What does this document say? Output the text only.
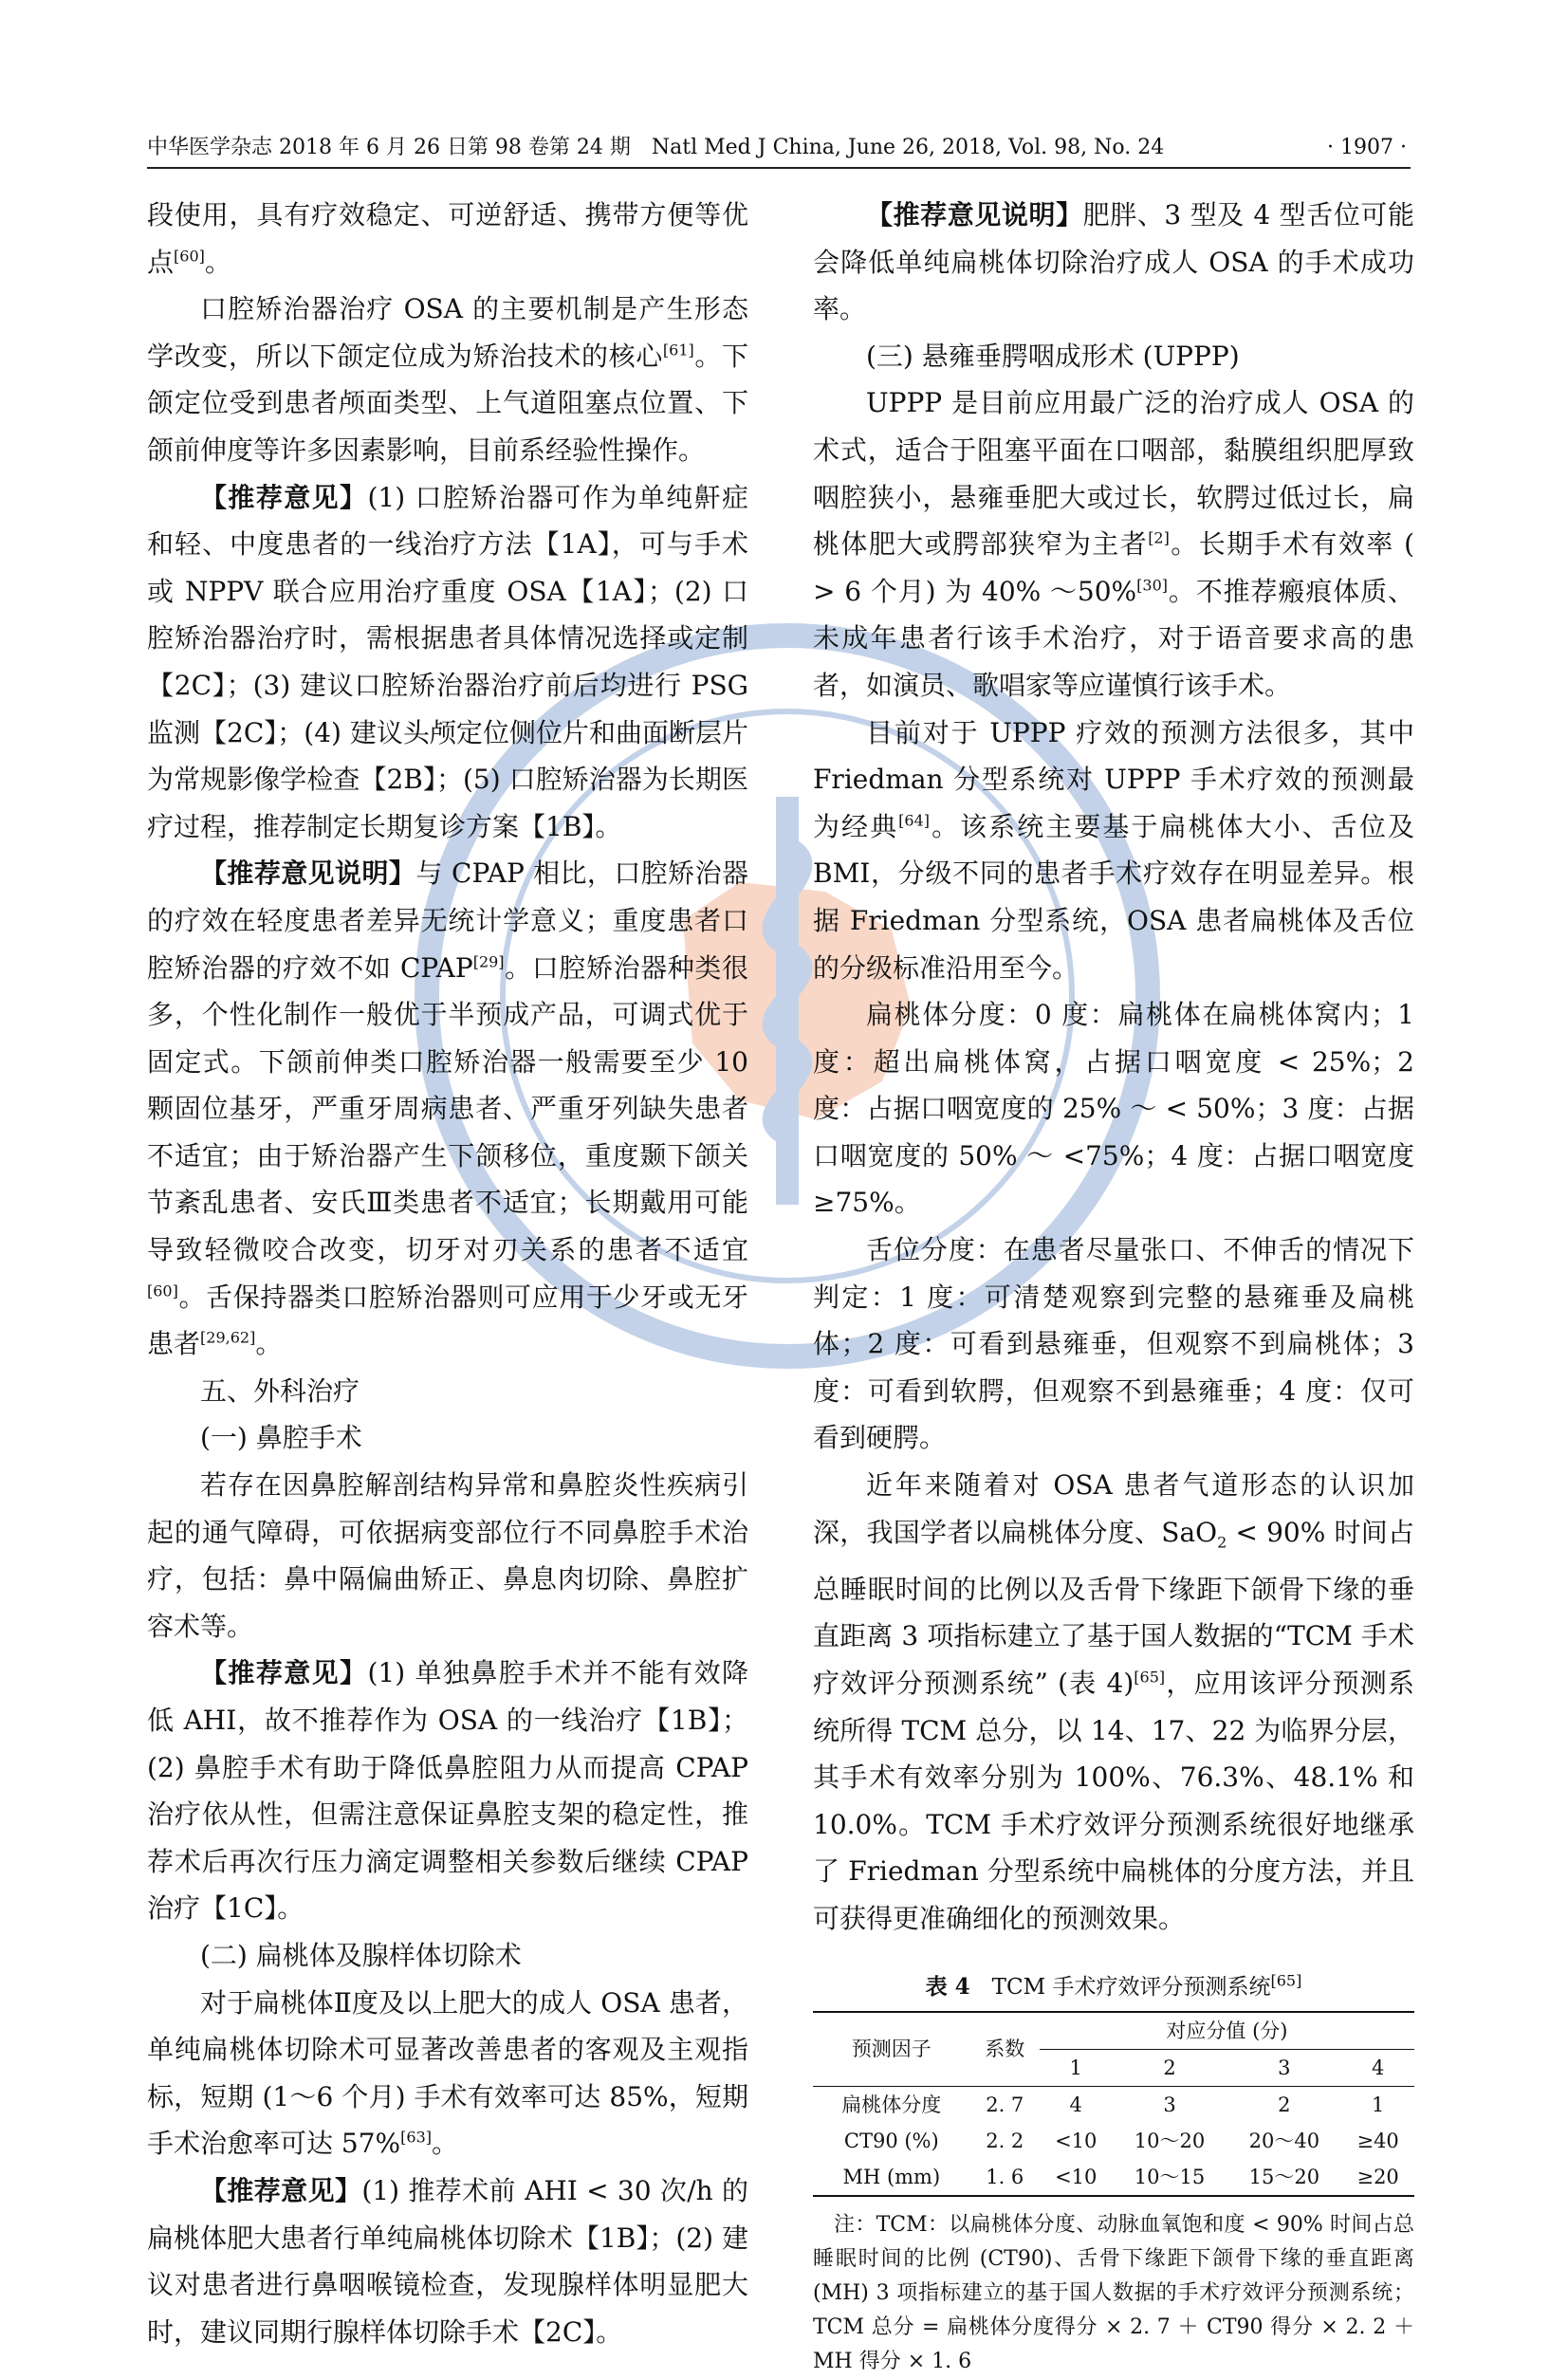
中华医学杂志 2018 年 6 月 26 日第 98 卷第 24 期　Natl Med J China, June 26, 2018, Vol. 98, No. 24	· 1907 ·

段使用，具有疗效稳定、可逆舒适、携带方便等优点[60]。

口腔矫治器治疗 OSA 的主要机制是产生形态学改变，所以下颌定位成为矫治技术的核心[61]。下颌定位受到患者颅面类型、上气道阻塞点位置、下颌前伸度等许多因素影响，目前系经验性操作。

【推荐意见】(1) 口腔矫治器可作为单纯鼾症和轻、中度患者的一线治疗方法【1A】，可与手术或 NPPV 联合应用治疗重度 OSA【1A】；(2) 口腔矫治器治疗时，需根据患者具体情况选择或定制【2C】；(3) 建议口腔矫治器治疗前后均进行 PSG 监测【2C】；(4) 建议头颅定位侧位片和曲面断层片为常规影像学检查【2B】；(5) 口腔矫治器为长期医疗过程，推荐制定长期复诊方案【1B】。

【推荐意见说明】与 CPAP 相比，口腔矫治器的疗效在轻度患者差异无统计学意义；重度患者口腔矫治器的疗效不如 CPAP[29]。口腔矫治器种类很多，个性化制作一般优于半预成产品，可调式优于固定式。下颌前伸类口腔矫治器一般需要至少 10 颗固位基牙，严重牙周病患者、严重牙列缺失患者不适宜；由于矫治器产生下颌移位，重度颞下颌关节紊乱患者、安氏Ⅲ类患者不适宜；长期戴用可能导致轻微咬合改变，切牙对刃关系的患者不适宜[60]。舌保持器类口腔矫治器则可应用于少牙或无牙患者[29,62]。

五、外科治疗

(一) 鼻腔手术

若存在因鼻腔解剖结构异常和鼻腔炎性疾病引起的通气障碍，可依据病变部位行不同鼻腔手术治疗，包括：鼻中隔偏曲矫正、鼻息肉切除、鼻腔扩容术等。

【推荐意见】(1) 单独鼻腔手术并不能有效降低 AHI，故不推荐作为 OSA 的一线治疗【1B】；(2) 鼻腔手术有助于降低鼻腔阻力从而提高 CPAP 治疗依从性，但需注意保证鼻腔支架的稳定性，推荐术后再次行压力滴定调整相关参数后继续 CPAP 治疗【1C】。

(二) 扁桃体及腺样体切除术

对于扁桃体Ⅱ度及以上肥大的成人 OSA 患者，单纯扁桃体切除术可显著改善患者的客观及主观指标，短期 (1～6 个月) 手术有效率可达 85%，短期手术治愈率可达 57%[63]。

【推荐意见】(1) 推荐术前 AHI < 30 次/h 的扁桃体肥大患者行单纯扁桃体切除术【1B】；(2) 建议对患者进行鼻咽喉镜检查，发现腺样体明显肥大时，建议同期行腺样体切除手术【2C】。

【推荐意见说明】肥胖、3 型及 4 型舌位可能会降低单纯扁桃体切除治疗成人 OSA 的手术成功率。

(三) 悬雍垂腭咽成形术 (UPPP)

UPPP 是目前应用最广泛的治疗成人 OSA 的术式，适合于阻塞平面在口咽部，黏膜组织肥厚致咽腔狭小，悬雍垂肥大或过长，软腭过低过长，扁桃体肥大或腭部狭窄为主者[2]。长期手术有效率 ( > 6 个月) 为 40% ～50%[30]。不推荐瘢痕体质、未成年患者行该手术治疗，对于语音要求高的患者，如演员、歌唱家等应谨慎行该手术。

目前对于 UPPP 疗效的预测方法很多，其中 Friedman 分型系统对 UPPP 手术疗效的预测最为经典[64]。该系统主要基于扁桃体大小、舌位及 BMI，分级不同的患者手术疗效存在明显差异。根据 Friedman 分型系统，OSA 患者扁桃体及舌位的分级标准沿用至今。

扁桃体分度：0 度：扁桃体在扁桃体窝内；1 度：超出扁桃体窝，占据口咽宽度 < 25%；2 度：占据口咽宽度的 25% ～ < 50%；3 度：占据口咽宽度的 50% ～ <75%；4 度：占据口咽宽度≥75%。

舌位分度：在患者尽量张口、不伸舌的情况下判定：1 度：可清楚观察到完整的悬雍垂及扁桃体；2 度：可看到悬雍垂，但观察不到扁桃体；3 度：可看到软腭，但观察不到悬雍垂；4 度：仅可看到硬腭。

近年来随着对 OSA 患者气道形态的认识加深，我国学者以扁桃体分度、SaO$_2$ < 90% 时间占总睡眠时间的比例以及舌骨下缘距下颌骨下缘的垂直距离 3 项指标建立了基于国人数据的“TCM 手术疗效评分预测系统” (表 4)[65]，应用该评分预测系统所得 TCM 总分，以 14、17、22 为临界分层，其手术有效率分别为 100%、76.3%、48.1% 和 10.0%。TCM 手术疗效评分预测系统很好地继承了 Friedman 分型系统中扁桃体的分度方法，并且可获得更准确细化的预测效果。

表 4　 TCM 手术疗效评分预测系统[65]
预测因子	系数	对应分值 (分)			
		1	2	3	4
扁桃体分度	2. 7	4	3	2	1
CT90 (%)	2. 2	<10	10～20	20～40	≥40
MH (mm)	1. 6	<10	10～15	15～20	≥20
注：TCM：以扁桃体分度、动脉血氧饱和度 < 90% 时间占总睡眠时间的比例 (CT90)、舌骨下缘距下颌骨下缘的垂直距离 (MH) 3 项指标建立的基于国人数据的手术疗效评分预测系统；TCM 总分 = 扁桃体分度得分 × 2. 7 ＋ CT90 得分 × 2. 2 ＋ MH 得分 × 1. 6
